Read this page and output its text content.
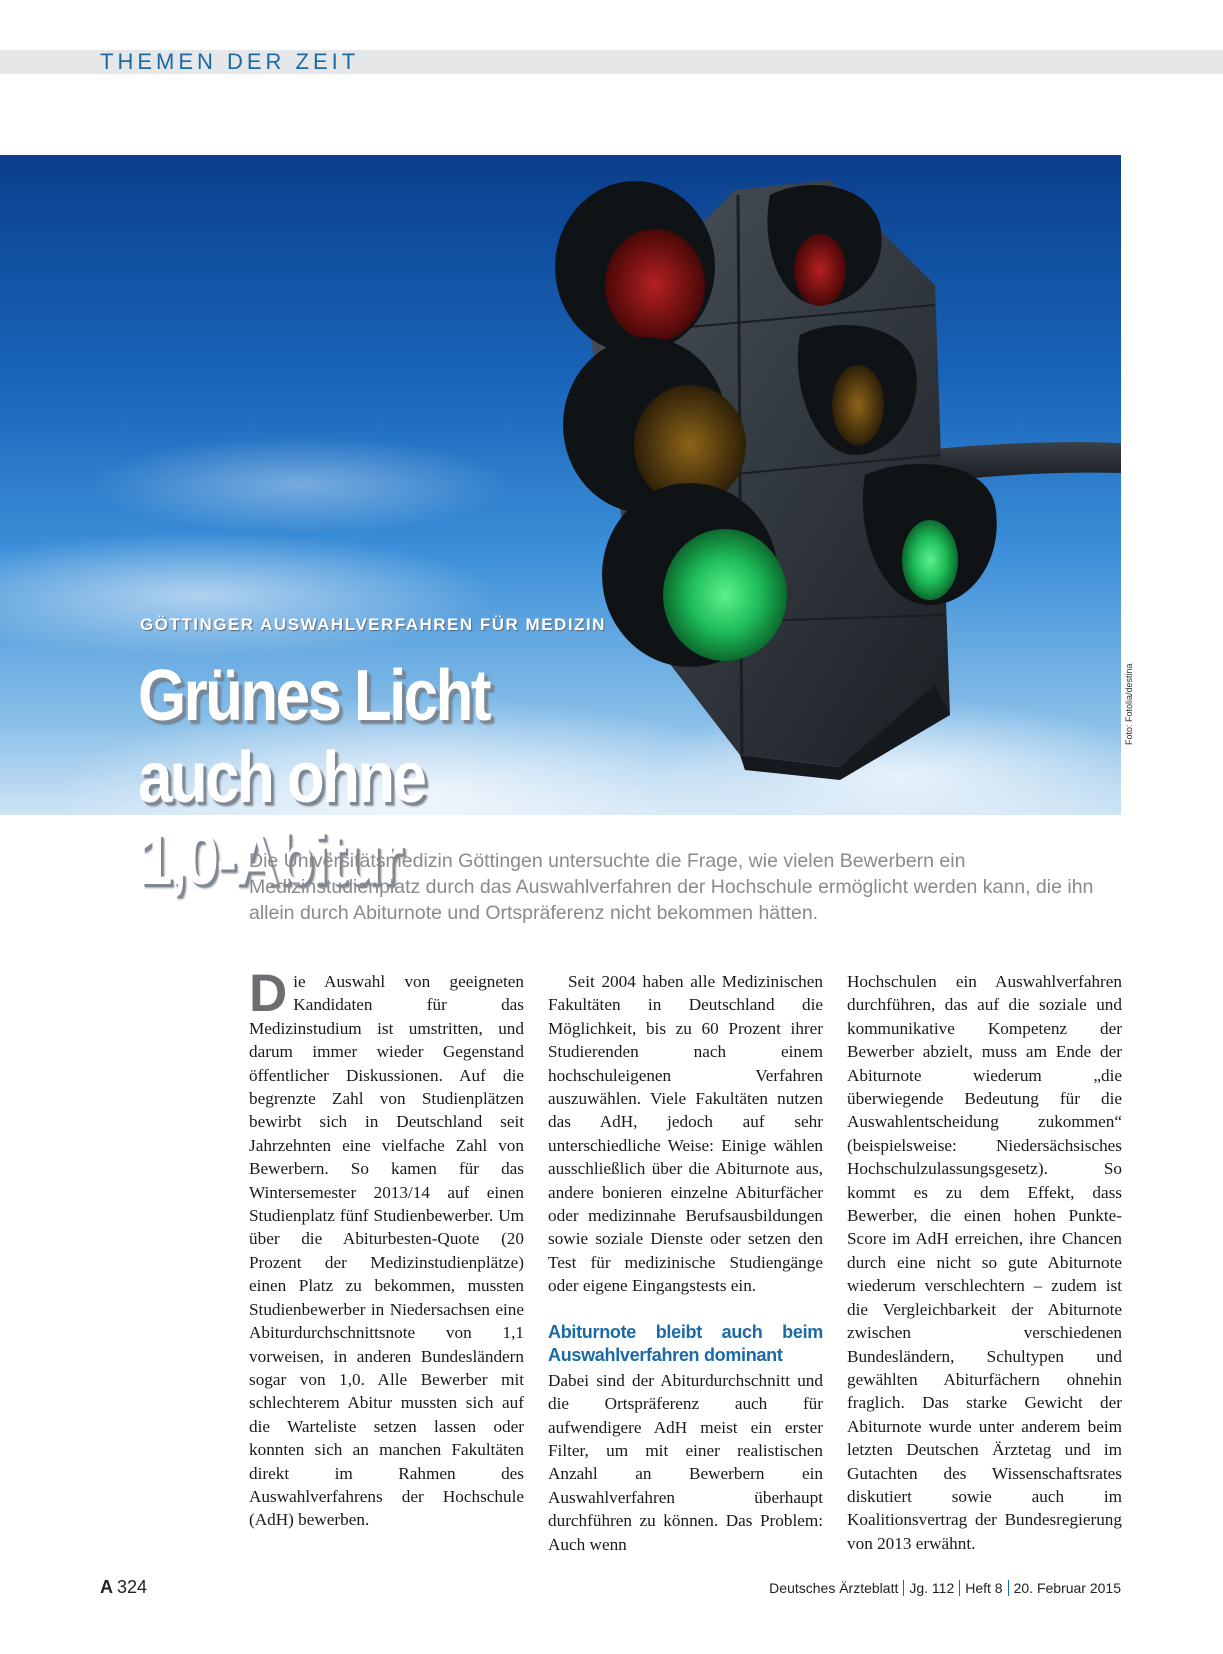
THEMEN DER ZEIT
GÖTTINGER AUSWAHLVERFAHREN FÜR MEDIZIN
Grünes Licht
auch ohne
1,0-Abitur
Foto: Fotolia/destina
Die Universitätsmedizin Göttingen untersuchte die Frage, wie vielen Bewerbern ein Medizinstudienplatz durch das Auswahlverfahren der Hochschule ermöglicht werden kann, die ihn allein durch Abiturnote und Ortspräferenz nicht bekommen hätten.

Die Auswahl von geeigneten Kandidaten für das Medizinstudium ist umstritten, und darum immer wieder Gegenstand öffentlicher Diskussionen. Auf die begrenzte Zahl von Studienplätzen bewirbt sich in Deutschland seit Jahrzehnten eine vielfache Zahl von Bewerbern. So kamen für das Wintersemester 2013/14 auf einen Studienplatz fünf Studienbewerber. Um über die Abiturbesten-Quote (20 Prozent der Medizinstudienplätze) einen Platz zu bekommen, mussten Studienbewerber in Niedersachsen eine Abiturdurchschnittsnote von 1,1 vorweisen, in anderen Bundesländern sogar von 1,0. Alle Bewerber mit schlechterem Abitur mussten sich auf die Warteliste setzen lassen oder konnten sich an manchen Fakultäten direkt im Rahmen des Auswahlverfahrens der Hochschule (AdH) bewerben.

Seit 2004 haben alle Medizinischen Fakultäten in Deutschland die Möglichkeit, bis zu 60 Prozent ihrer Studierenden nach einem hochschuleigenen Verfahren auszuwählen. Viele Fakultäten nutzen das AdH, jedoch auf sehr unterschiedliche Weise: Einige wählen ausschließlich über die Abiturnote aus, andere bonieren einzelne Abiturfächer oder medizinnahe Berufsausbildungen sowie soziale Dienste oder setzen den Test für medizinische Studiengänge oder eigene Eingangstests ein.

Abiturnote bleibt auch beim Auswahlverfahren dominant

Dabei sind der Abiturdurchschnitt und die Ortspräferenz auch für aufwendigere AdH meist ein erster Filter, um mit einer realistischen Anzahl an Bewerbern ein Auswahlverfahren überhaupt durchführen zu können. Das Problem: Auch wenn

Hochschulen ein Auswahlverfahren durchführen, das auf die soziale und kommunikative Kompetenz der Bewerber abzielt, muss am Ende der Abiturnote wiederum „die überwiegende Bedeutung für die Auswahlentscheidung zukommen“ (beispielsweise: Niedersächsisches Hochschulzulassungsgesetz). So kommt es zu dem Effekt, dass Bewerber, die einen hohen Punkte-Score im AdH erreichen, ihre Chancen durch eine nicht so gute Abiturnote wiederum verschlechtern – zudem ist die Vergleichbarkeit der Abiturnote zwischen verschiedenen Bundesländern, Schultypen und gewählten Abiturfächern ohnehin fraglich. Das starke Gewicht der Abiturnote wurde unter anderem beim letzten Deutschen Ärztetag und im Gutachten des Wissenschaftsrates diskutiert sowie auch im Koalitionsvertrag der Bundesregierung von 2013 erwähnt.

A 324	Deutsches Ärzteblatt Jg. 112 Heft 8 20. Februar 2015
